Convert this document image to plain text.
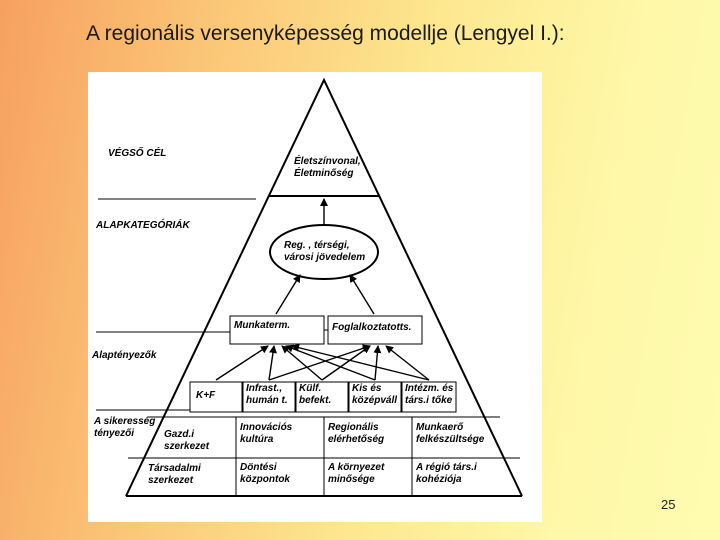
A regionális versenyképesség modellje (Lengyel I.):
VÉGSŐ CÉL
ALAPKATEGÓRIÁK
Alaptényezők
A sikeresség
tényezői
Életszínvonal,
Életminőség
Reg. , térségi,
városi jövedelem
Munkaterm.	Foglalkoztatotts.
K+F
Infrast.,
humán t.
Külf.
befekt.
Kis és
középváll
Intézm. és
társ.i tőke
Gazd.i
szerkezet
Innovációs
kultúra
Regionális
elérhetőség
Munkaerő
felkészültsége
Társadalmi
szerkezet
Döntési
központok
A környezet
minősége
A régió társ.i
kohéziója
25
